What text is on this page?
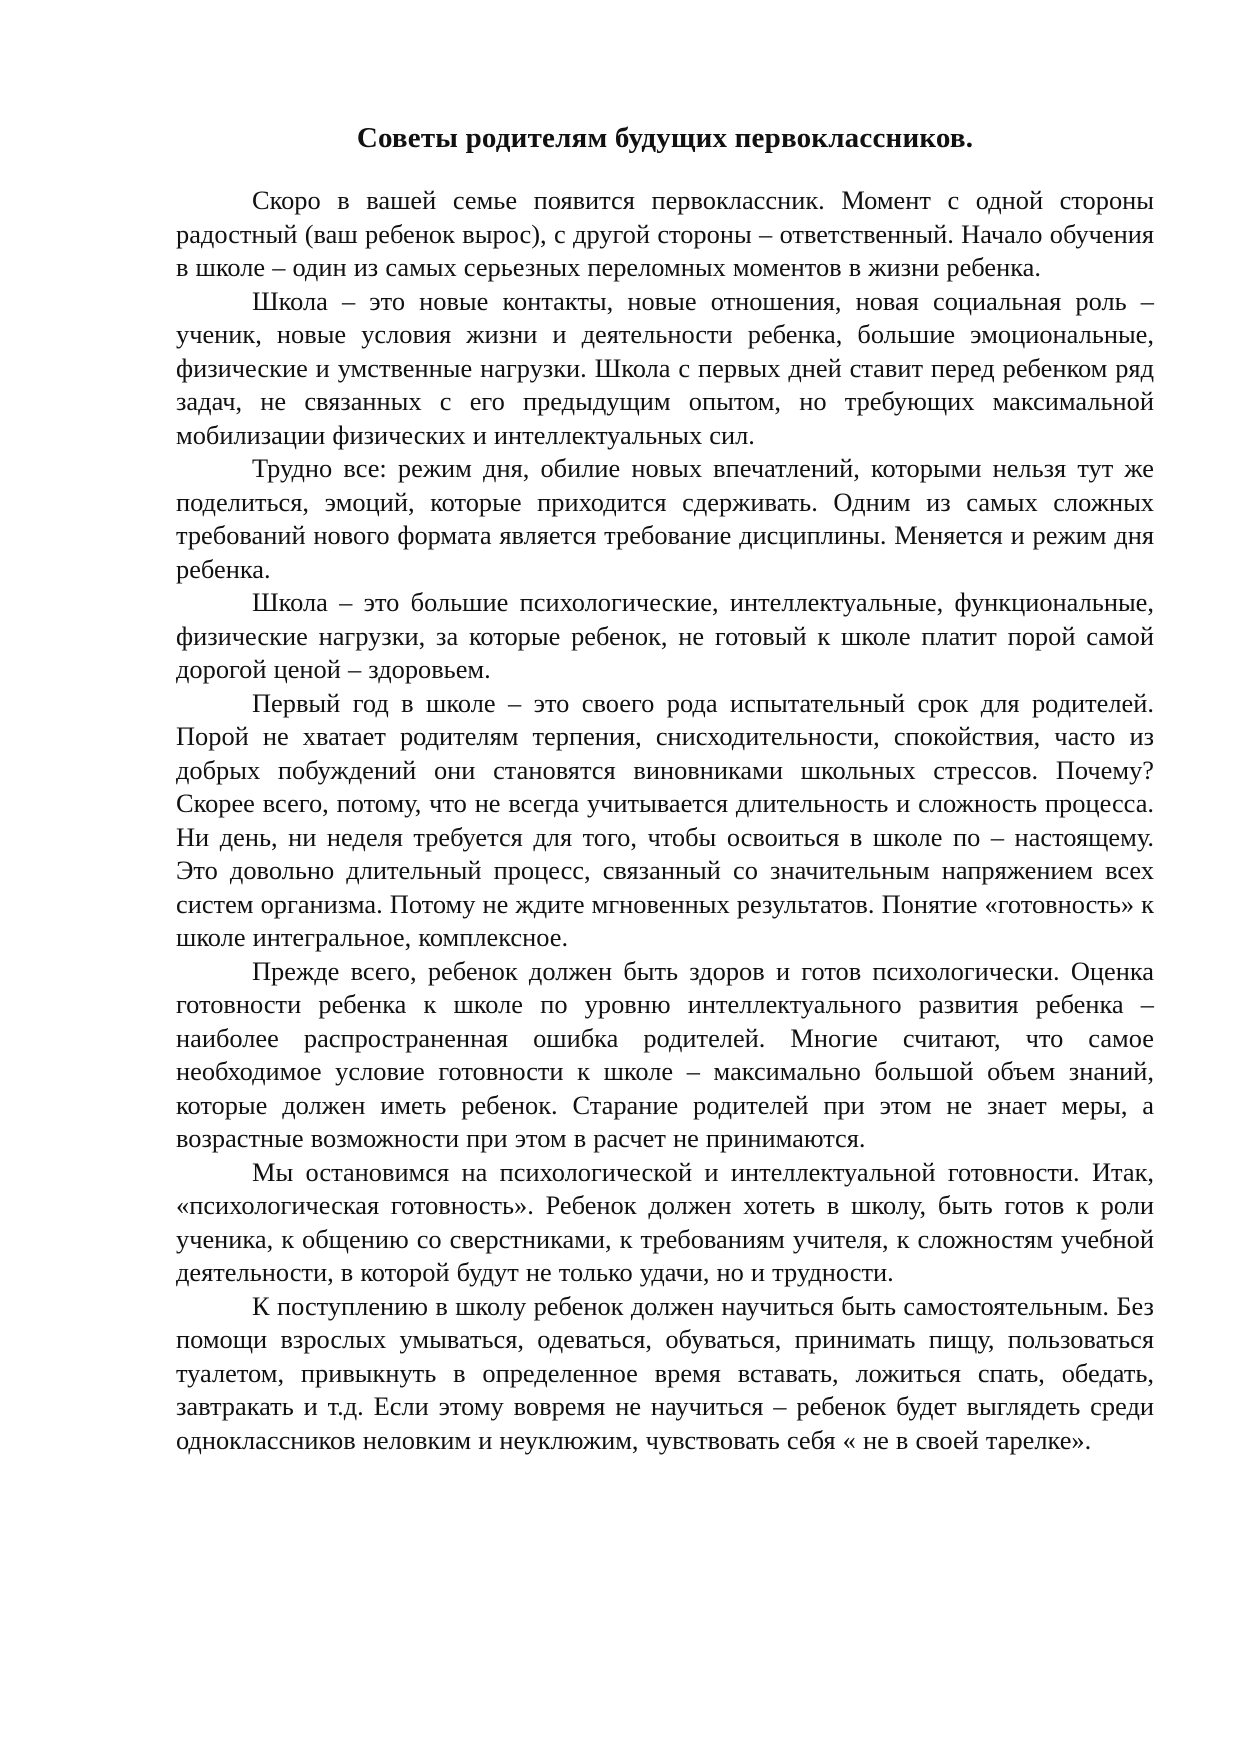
Советы родителям будущих первоклассников.

Скоро в вашей семье появится первоклассник. Момент с одной стороны радостный (ваш ребенок вырос), с другой стороны – ответственный. Начало обучения в школе – один из самых серьезных переломных моментов в жизни ребенка.

Школа – это новые контакты, новые отношения, новая социальная роль – ученик, новые условия жизни и деятельности ребенка, большие эмоциональные, физические и умственные нагрузки. Школа с первых дней ставит перед ребенком ряд задач, не связанных с его предыдущим опытом, но требующих максимальной мобилизации физических и интеллектуальных сил.

Трудно все: режим дня, обилие новых впечатлений, которыми нельзя тут же поделиться, эмоций, которые приходится сдерживать. Одним из самых сложных требований нового формата является требование дисциплины. Меняется и режим дня ребенка.

Школа – это большие психологические, интеллектуальные, функциональные, физические нагрузки, за которые ребенок, не готовый к школе платит порой самой дорогой ценой – здоровьем.

Первый год в школе – это своего рода испытательный срок для родителей. Порой не хватает родителям терпения, снисходительности, спокойствия, часто из добрых побуждений они становятся виновниками школьных стрессов. Почему? Скорее всего, потому, что не всегда учитывается длительность и сложность процесса. Ни день, ни неделя требуется для того, чтобы освоиться в школе по – настоящему. Это довольно длительный процесс, связанный со значительным напряжением всех систем организма. Потому не ждите мгновенных результатов. Понятие «готовность» к школе интегральное, комплексное.

Прежде всего, ребенок должен быть здоров и готов психологически. Оценка готовности ребенка к школе по уровню интеллектуального развития ребенка – наиболее распространенная ошибка родителей. Многие считают, что самое необходимое условие готовности к школе – максимально большой объем знаний, которые должен иметь ребенок. Старание родителей при этом не знает меры, а возрастные возможности при этом в расчет не принимаются.

Мы остановимся на психологической и интеллектуальной готовности. Итак, «психологическая готовность». Ребенок должен хотеть в школу, быть готов к роли ученика, к общению со сверстниками, к требованиям учителя, к сложностям учебной деятельности, в которой будут не только удачи, но и трудности.

К поступлению в школу ребенок должен научиться быть самостоятельным. Без помощи взрослых умываться, одеваться, обуваться, принимать пищу, пользоваться туалетом, привыкнуть в определенное время вставать, ложиться спать, обедать, завтракать и т.д. Если этому вовремя не научиться – ребенок будет выглядеть среди одноклассников неловким и неуклюжим, чувствовать себя « не в своей тарелке».
